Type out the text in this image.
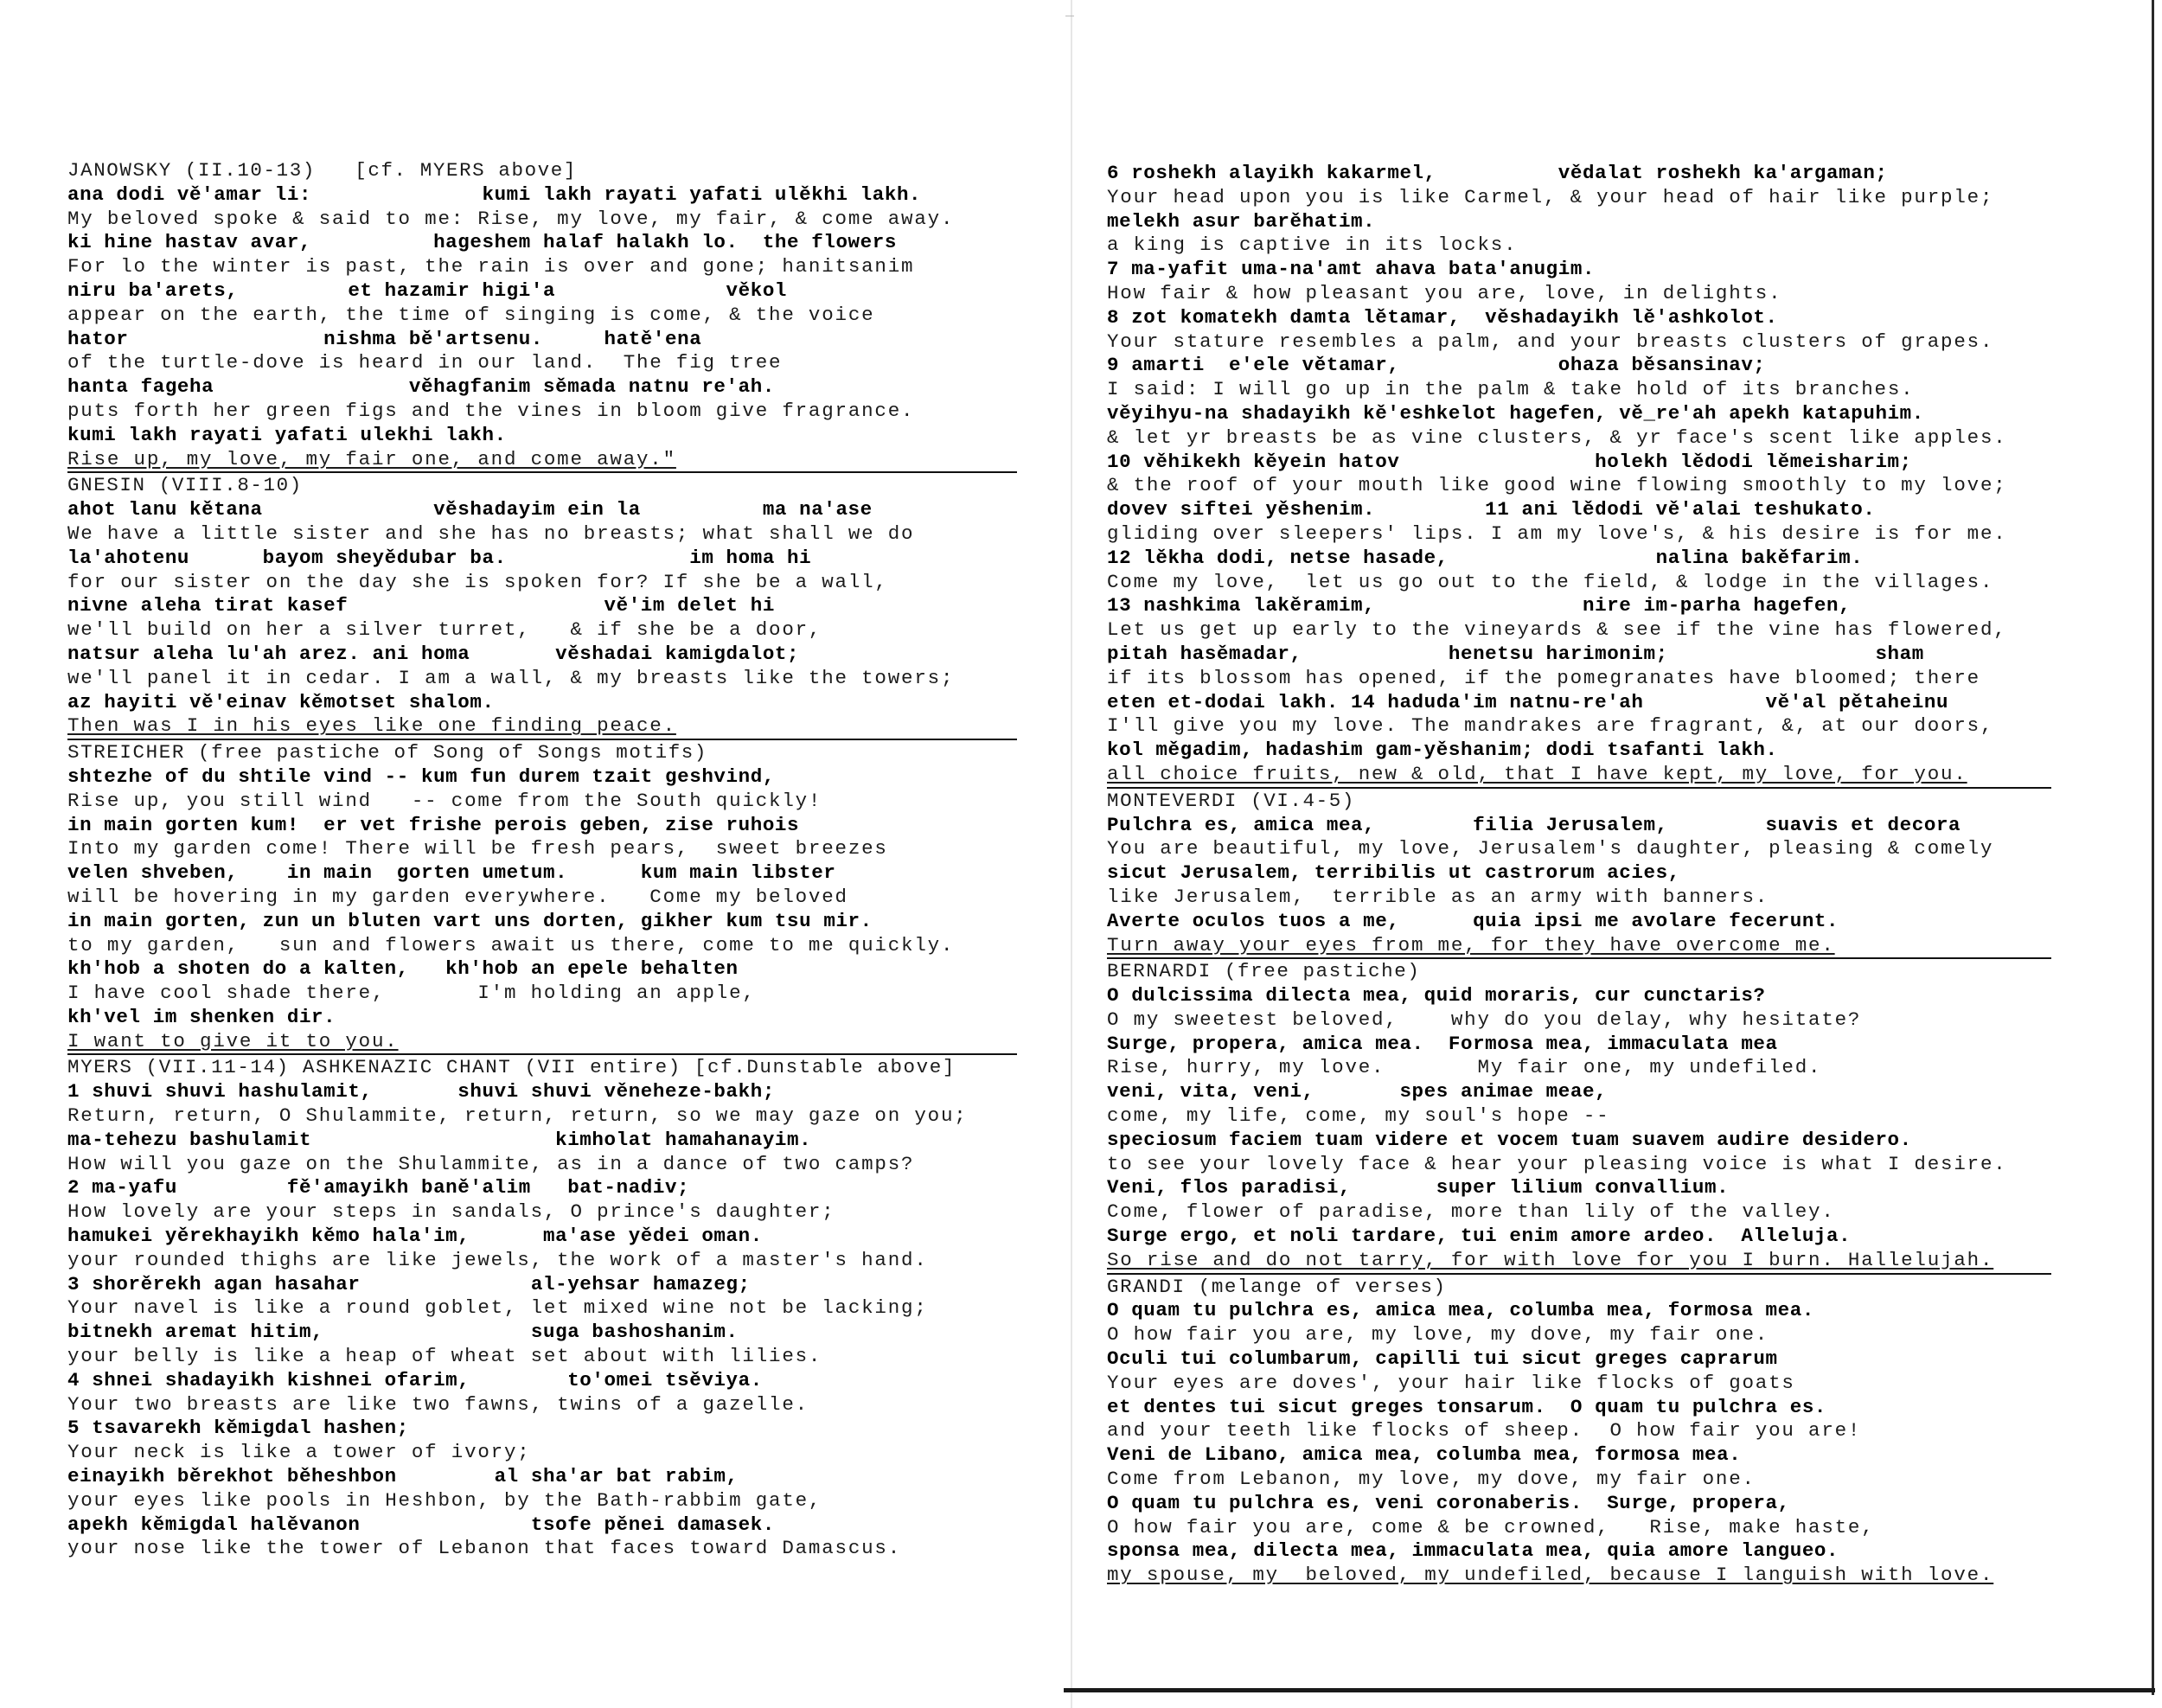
JANOWSKY (II.10-13)   [cf. MYERS above]
ana dodi vě'amar li:              kumi lakh rayati yafati ulěkhi lakh.
My beloved spoke & said to me: Rise, my love, my fair, & come away.
ki hine hastav avar,          hageshem halaf halakh lo.  the flowers
For lo the winter is past, the rain is over and gone; hanitsanim
niru ba'arets,         et hazamir higi'a              věkol
appear on the earth, the time of singing is come, & the voice
hator                nishma bě'artsenu.     hatě'ena
of the turtle-dove is heard in our land.  The fig tree
hanta fageha                věhagfanim sěmada natnu re'ah.
puts forth her green figs and the vines in bloom give fragrance.
kumi lakh rayati yafati ulekhi lakh.
Rise up, my love, my fair one, and come away."
GNESIN (VIII.8-10)
ahot lanu kětana              věshadayim ein la          ma na'ase
We have a little sister and she has no breasts; what shall we do
la'ahotenu      bayom sheyědubar ba.               im homa hi
for our sister on the day she is spoken for? If she be a wall,
nivne aleha tirat kasef                     vě'im delet hi
we'll build on her a silver turret,   & if she be a door,
natsur aleha lu'ah arez. ani homa       věshadai kamigdalot;
we'll panel it in cedar. I am a wall, & my breasts like the towers;
az hayiti vě'einav kěmotset shalom.
Then was I in his eyes like one finding peace.
STREICHER (free pastiche of Song of Songs motifs)
shtezhe of du shtile vind -- kum fun durem tzait geshvind,
Rise up, you still wind   -- come from the South quickly!
in main gorten kum!  er vet frishe perois geben, zise ruhois
Into my garden come! There will be fresh pears,  sweet breezes
velen shveben,    in main  gorten umetum.      kum main libster
will be hovering in my garden everywhere.   Come my beloved
in main gorten, zun un bluten vart uns dorten, gikher kum tsu mir.
to my garden,   sun and flowers await us there, come to me quickly.
kh'hob a shoten do a kalten,   kh'hob an epele behalten
I have cool shade there,       I'm holding an apple,
kh'vel im shenken dir.
I want to give it to you.
MYERS (VII.11-14) ASHKENAZIC CHANT (VII entire) [cf.Dunstable above]
1 shuvi shuvi hashulamit,       shuvi shuvi věneheze-bakh;
Return, return, O Shulammite, return, return, so we may gaze on you;
ma-tehezu bashulamit                    kimholat hamahanayim.
How will you gaze on the Shulammite, as in a dance of two camps?
2 ma-yafu         fě'amayikh baně'alim   bat-nadiv;
How lovely are your steps in sandals, O prince's daughter;
hamukei yěrekhayikh kěmo hala'im,      ma'ase yědei oman.
your rounded thighs are like jewels, the work of a master's hand.
3 shorěrekh agan hasahar              al-yehsar hamazeg;
Your navel is like a round goblet, let mixed wine not be lacking;
bitnekh aremat hitim,                 suga bashoshanim.
your belly is like a heap of wheat set about with lilies.
4 shnei shadayikh kishnei ofarim,        to'omei tsěviya.
Your two breasts are like two fawns, twins of a gazelle.
5 tsavarekh kěmigdal hashen;
Your neck is like a tower of ivory;
einayikh běrekhot běheshbon        al sha'ar bat rabim,
your eyes like pools in Heshbon, by the Bath-rabbim gate,
apekh kěmigdal halěvanon              tsofe pěnei damasek.
your nose like the tower of Lebanon that faces toward Damascus.
6 roshekh alayikh kakarmel,          vědalat roshekh ka'argaman;
Your head upon you is like Carmel, & your head of hair like purple;
melekh asur barěhatim.
a king is captive in its locks.
7 ma-yafit uma-na'amt ahava bata'anugim.
How fair & how pleasant you are, love, in delights.
8 zot komatekh damta lětamar,  věshadayikh lě'ashkolot.
Your stature resembles a palm, and your breasts clusters of grapes.
9 amarti  e'ele větamar,             ohaza běsansinav;
I said: I will go up in the palm & take hold of its branches.
věyihyu-na shadayikh kě'eshkelot hagefen, vě_re'ah apekh katapuhim.
& let yr breasts be as vine clusters, & yr face's scent like apples.
10 věhikekh kěyein hatov                holekh lědodi lěmeisharim;
& the roof of your mouth like good wine flowing smoothly to my love;
dovev siftei yěshenim.         11 ani lědodi vě'alai teshukato.
gliding over sleepers' lips. I am my love's, & his desire is for me.
12 lěkha dodi, netse hasade,                 nalina bakěfarim.
Come my love,  let us go out to the field, & lodge in the villages.
13 nashkima lakěramim,                 nire im-parha hagefen,
Let us get up early to the vineyards & see if the vine has flowered,
pitah hasěmadar,            henetsu harimonim;                 sham
if its blossom has opened, if the pomegranates have bloomed; there
eten et-dodai lakh. 14 haduda'im natnu-re'ah          vě'al pětaheinu
I'll give you my love. The mandrakes are fragrant, &, at our doors,
kol měgadim, hadashim gam-yěshanim; dodi tsafanti lakh.
all choice fruits, new & old, that I have kept, my love, for you.
MONTEVERDI (VI.4-5)
Pulchra es, amica mea,        filia Jerusalem,        suavis et decora
You are beautiful, my love, Jerusalem's daughter, pleasing & comely
sicut Jerusalem, terribilis ut castrorum acies,
like Jerusalem,  terrible as an army with banners.
Averte oculos tuos a me,      quia ipsi me avolare fecerunt.
Turn away your eyes from me, for they have overcome me.
BERNARDI (free pastiche)
O dulcissima dilecta mea, quid moraris, cur cunctaris?
O my sweetest beloved,    why do you delay, why hesitate?
Surge, propera, amica mea.  Formosa mea, immaculata mea
Rise, hurry, my love.       My fair one, my undefiled.
veni, vita, veni,       spes animae meae,
come, my life, come, my soul's hope --
speciosum faciem tuam videre et vocem tuam suavem audire desidero.
to see your lovely face & hear your pleasing voice is what I desire.
Veni, flos paradisi,       super lilium convallium.
Come, flower of paradise, more than lily of the valley.
Surge ergo, et noli tardare, tui enim amore ardeo.  Alleluja.
So rise and do not tarry, for with love for you I burn. Hallelujah.
GRANDI (melange of verses)
O quam tu pulchra es, amica mea, columba mea, formosa mea.
O how fair you are, my love, my dove, my fair one.
Oculi tui columbarum, capilli tui sicut greges caprarum
Your eyes are doves', your hair like flocks of goats
et dentes tui sicut greges tonsarum.  O quam tu pulchra es.
and your teeth like flocks of sheep.  O how fair you are!
Veni de Libano, amica mea, columba mea, formosa mea.
Come from Lebanon, my love, my dove, my fair one.
O quam tu pulchra es, veni coronaberis.  Surge, propera,
O how fair you are, come & be crowned,   Rise, make haste,
sponsa mea, dilecta mea, immaculata mea, quia amore langueo.
my spouse, my  beloved, my undefiled, because I languish with love.
